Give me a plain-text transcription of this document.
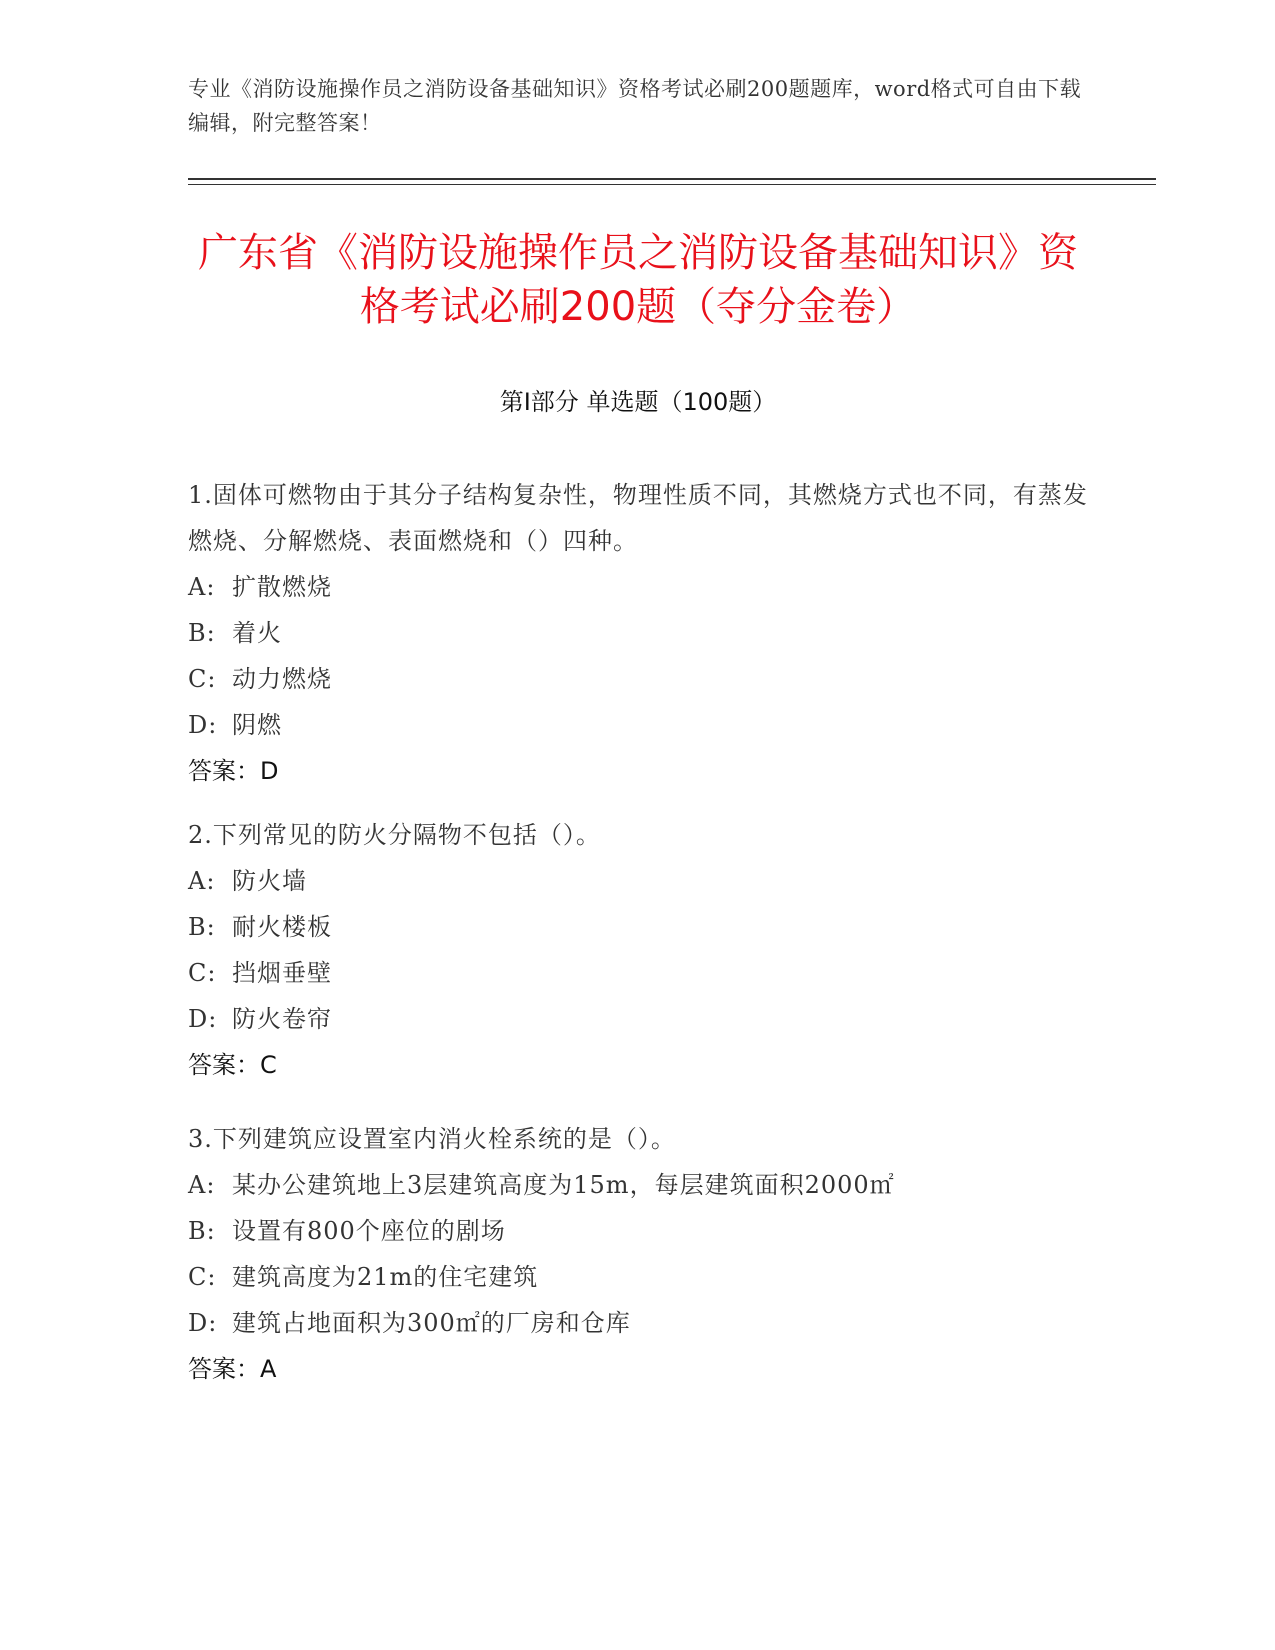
专业《消防设施操作员之消防设备基础知识》资格考试必刷200题题库，word格式可自由下载编辑，附完整答案！
广东省《消防设施操作员之消防设备基础知识》资格考试必刷200题（夺分金卷）
第I部分 单选题（100题）
1.固体可燃物由于其分子结构复杂性，物理性质不同，其燃烧方式也不同，有蒸发燃烧、分解燃烧、表面燃烧和（）四种。
A: 扩散燃烧
B: 着火
C: 动力燃烧
D: 阴燃
答案：D
2.下列常见的防火分隔物不包括（）。
A: 防火墙
B: 耐火楼板
C: 挡烟垂壁
D: 防火卷帘
答案：C
3.下列建筑应设置室内消火栓系统的是（）。
A: 某办公建筑地上3层建筑高度为15m，每层建筑面积2000㎡
B: 设置有800个座位的剧场
C: 建筑高度为21m的住宅建筑
D: 建筑占地面积为300㎡的厂房和仓库
答案：A
